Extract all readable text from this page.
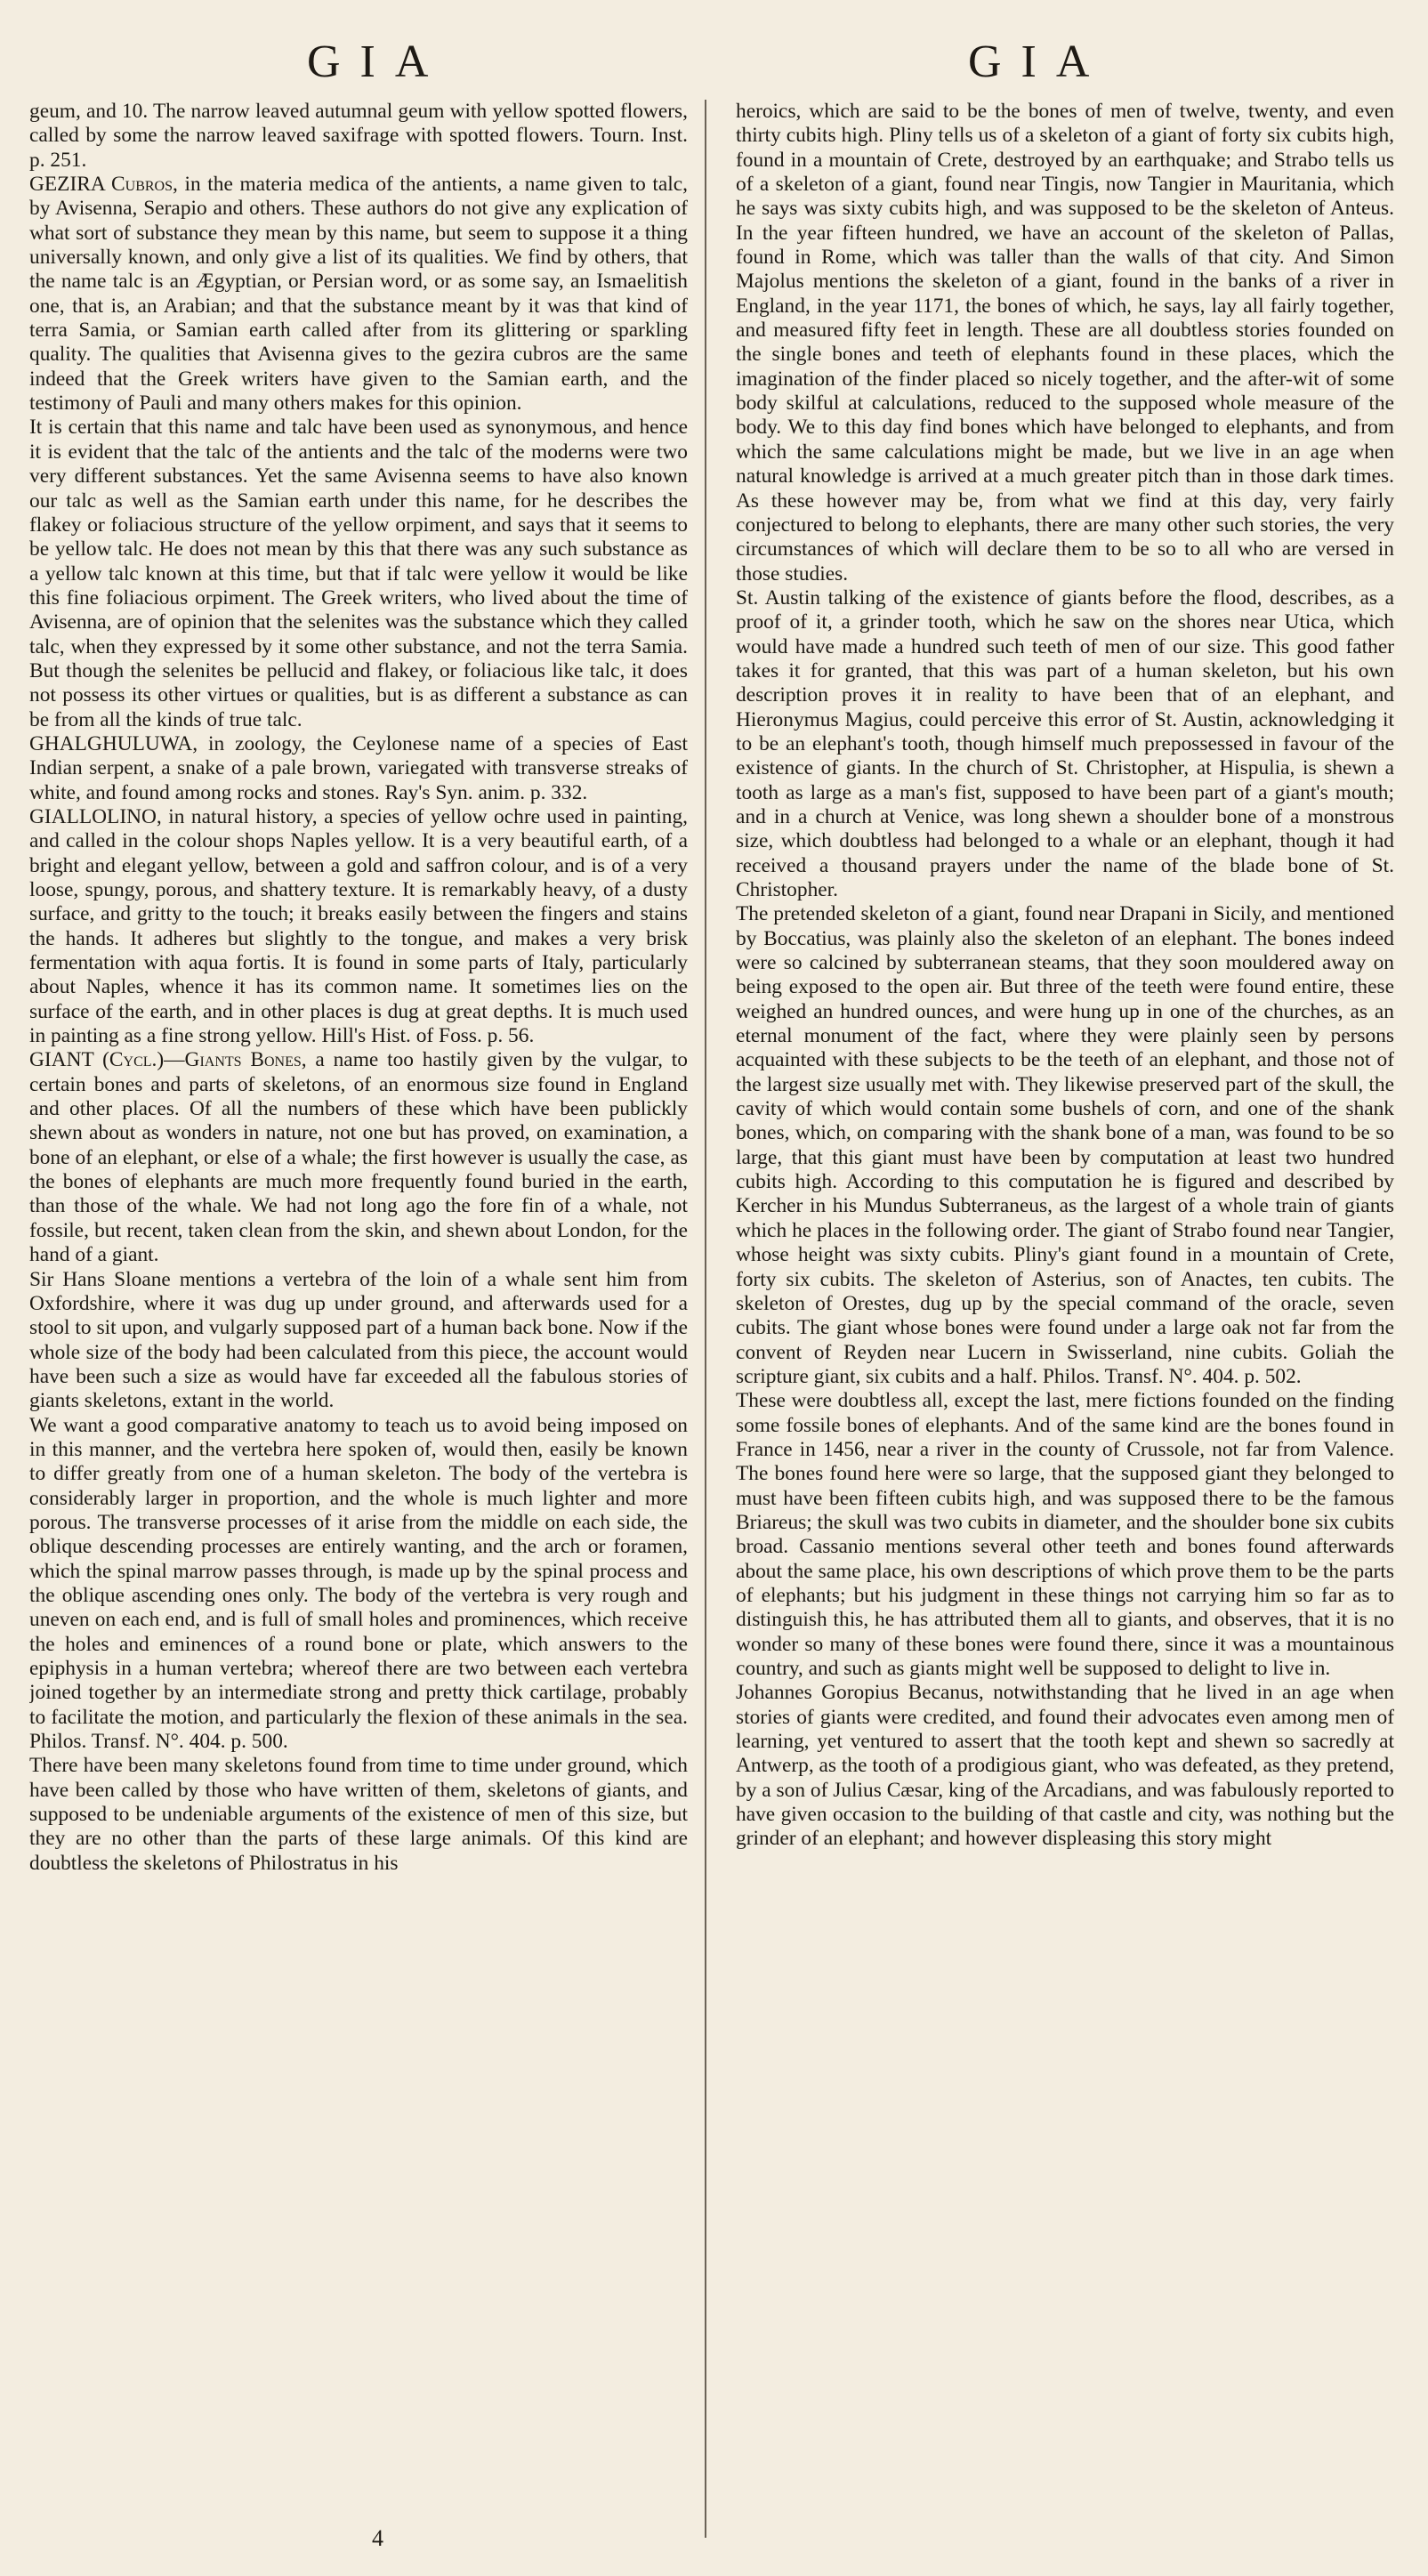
GIA	GIA

geum, and 10. The narrow leaved autumnal geum with yellow spotted flowers, called by some the narrow leaved saxifrage with spotted flowers. Tourn. Inst. p. 251.

GEZIRA Cubros, in the materia medica of the antients, a name given to talc, by Avisenna, Serapio and others. These authors do not give any explication of what sort of substance they mean by this name, but seem to suppose it a thing universally known, and only give a list of its qualities. We find by others, that the name talc is an Ægyptian, or Persian word, or as some say, an Ismaelitish one, that is, an Arabian; and that the substance meant by it was that kind of terra Samia, or Samian earth called after from its glittering or sparkling quality. The qualities that Avisenna gives to the gezira cubros are the same indeed that the Greek writers have given to the Samian earth, and the testimony of Pauli and many others makes for this opinion.

It is certain that this name and talc have been used as synonymous, and hence it is evident that the talc of the antients and the talc of the moderns were two very different substances. Yet the same Avisenna seems to have also known our talc as well as the Samian earth under this name, for he describes the flakey or foliacious structure of the yellow orpiment, and says that it seems to be yellow talc. He does not mean by this that there was any such substance as a yellow talc known at this time, but that if talc were yellow it would be like this fine foliacious orpiment. The Greek writers, who lived about the time of Avisenna, are of opinion that the selenites was the substance which they called talc, when they expressed by it some other substance, and not the terra Samia. But though the selenites be pellucid and flakey, or foliacious like talc, it does not possess its other virtues or qualities, but is as different a substance as can be from all the kinds of true talc.

GHALGHULUWA, in zoology, the Ceylonese name of a species of East Indian serpent, a snake of a pale brown, variegated with transverse streaks of white, and found among rocks and stones. Ray's Syn. anim. p. 332.

GIALLOLINO, in natural history, a species of yellow ochre used in painting, and called in the colour shops Naples yellow. It is a very beautiful earth, of a bright and elegant yellow, between a gold and saffron colour, and is of a very loose, spungy, porous, and shattery texture. It is remarkably heavy, of a dusty surface, and gritty to the touch; it breaks easily between the fingers and stains the hands. It adheres but slightly to the tongue, and makes a very brisk fermentation with aqua fortis. It is found in some parts of Italy, particularly about Naples, whence it has its common name. It sometimes lies on the surface of the earth, and in other places is dug at great depths. It is much used in painting as a fine strong yellow. Hill's Hist. of Foss. p. 56.

GIANT (Cycl.)—Giants Bones, a name too hastily given by the vulgar, to certain bones and parts of skeletons, of an enormous size found in England and other places. Of all the numbers of these which have been publickly shewn about as wonders in nature, not one but has proved, on examination, a bone of an elephant, or else of a whale; the first however is usually the case, as the bones of elephants are much more frequently found buried in the earth, than those of the whale. We had not long ago the fore fin of a whale, not fossile, but recent, taken clean from the skin, and shewn about London, for the hand of a giant.

Sir Hans Sloane mentions a vertebra of the loin of a whale sent him from Oxfordshire, where it was dug up under ground, and afterwards used for a stool to sit upon, and vulgarly supposed part of a human back bone. Now if the whole size of the body had been calculated from this piece, the account would have been such a size as would have far exceeded all the fabulous stories of giants skeletons, extant in the world.

We want a good comparative anatomy to teach us to avoid being imposed on in this manner, and the vertebra here spoken of, would then, easily be known to differ greatly from one of a human skeleton. The body of the vertebra is considerably larger in proportion, and the whole is much lighter and more porous. The transverse processes of it arise from the middle on each side, the oblique descending processes are entirely wanting, and the arch or foramen, which the spinal marrow passes through, is made up by the spinal process and the oblique ascending ones only. The body of the vertebra is very rough and uneven on each end, and is full of small holes and prominences, which receive the holes and eminences of a round bone or plate, which answers to the epiphysis in a human vertebra; whereof there are two between each vertebra joined together by an intermediate strong and pretty thick cartilage, probably to facilitate the motion, and particularly the flexion of these animals in the sea. Philos. Transf. N°. 404. p. 500.

There have been many skeletons found from time to time under ground, which have been called by those who have written of them, skeletons of giants, and supposed to be undeniable arguments of the existence of men of this size, but they are no other than the parts of these large animals. Of this kind are doubtless the skeletons of Philostratus in his

heroics, which are said to be the bones of men of twelve, twenty, and even thirty cubits high. Pliny tells us of a skeleton of a giant of forty six cubits high, found in a mountain of Crete, destroyed by an earthquake; and Strabo tells us of a skeleton of a giant, found near Tingis, now Tangier in Mauritania, which he says was sixty cubits high, and was supposed to be the skeleton of Anteus. In the year fifteen hundred, we have an account of the skeleton of Pallas, found in Rome, which was taller than the walls of that city. And Simon Majolus mentions the skeleton of a giant, found in the banks of a river in England, in the year 1171, the bones of which, he says, lay all fairly together, and measured fifty feet in length. These are all doubtless stories founded on the single bones and teeth of elephants found in these places, which the imagination of the finder placed so nicely together, and the after-wit of some body skilful at calculations, reduced to the supposed whole measure of the body. We to this day find bones which have belonged to elephants, and from which the same calculations might be made, but we live in an age when natural knowledge is arrived at a much greater pitch than in those dark times. As these however may be, from what we find at this day, very fairly conjectured to belong to elephants, there are many other such stories, the very circumstances of which will declare them to be so to all who are versed in those studies.

St. Austin talking of the existence of giants before the flood, describes, as a proof of it, a grinder tooth, which he saw on the shores near Utica, which would have made a hundred such teeth of men of our size. This good father takes it for granted, that this was part of a human skeleton, but his own description proves it in reality to have been that of an elephant, and Hieronymus Magius, could perceive this error of St. Austin, acknowledging it to be an elephant's tooth, though himself much prepossessed in favour of the existence of giants. In the church of St. Christopher, at Hispulia, is shewn a tooth as large as a man's fist, supposed to have been part of a giant's mouth; and in a church at Venice, was long shewn a shoulder bone of a monstrous size, which doubtless had belonged to a whale or an elephant, though it had received a thousand prayers under the name of the blade bone of St. Christopher.

The pretended skeleton of a giant, found near Drapani in Sicily, and mentioned by Boccatius, was plainly also the skeleton of an elephant. The bones indeed were so calcined by subterranean steams, that they soon mouldered away on being exposed to the open air. But three of the teeth were found entire, these weighed an hundred ounces, and were hung up in one of the churches, as an eternal monument of the fact, where they were plainly seen by persons acquainted with these subjects to be the teeth of an elephant, and those not of the largest size usually met with. They likewise preserved part of the skull, the cavity of which would contain some bushels of corn, and one of the shank bones, which, on comparing with the shank bone of a man, was found to be so large, that this giant must have been by computation at least two hundred cubits high. According to this computation he is figured and described by Kercher in his Mundus Subterraneus, as the largest of a whole train of giants which he places in the following order. The giant of Strabo found near Tangier, whose height was sixty cubits. Pliny's giant found in a mountain of Crete, forty six cubits. The skeleton of Asterius, son of Anactes, ten cubits. The skeleton of Orestes, dug up by the special command of the oracle, seven cubits. The giant whose bones were found under a large oak not far from the convent of Reyden near Lucern in Swisserland, nine cubits. Goliah the scripture giant, six cubits and a half. Philos. Transf. N°. 404. p. 502.

These were doubtless all, except the last, mere fictions founded on the finding some fossile bones of elephants. And of the same kind are the bones found in France in 1456, near a river in the county of Crussole, not far from Valence. The bones found here were so large, that the supposed giant they belonged to must have been fifteen cubits high, and was supposed there to be the famous Briareus; the skull was two cubits in diameter, and the shoulder bone six cubits broad. Cassanio mentions several other teeth and bones found afterwards about the same place, his own descriptions of which prove them to be the parts of elephants; but his judgment in these things not carrying him so far as to distinguish this, he has attributed them all to giants, and observes, that it is no wonder so many of these bones were found there, since it was a mountainous country, and such as giants might well be supposed to delight to live in.

Johannes Goropius Becanus, notwithstanding that he lived in an age when stories of giants were credited, and found their advocates even among men of learning, yet ventured to assert that the tooth kept and shewn so sacredly at Antwerp, as the tooth of a prodigious giant, who was defeated, as they pretend, by a son of Julius Cæsar, king of the Arcadians, and was fabulously reported to have given occasion to the building of that castle and city, was nothing but the grinder of an elephant; and however displeasing this story might

4
